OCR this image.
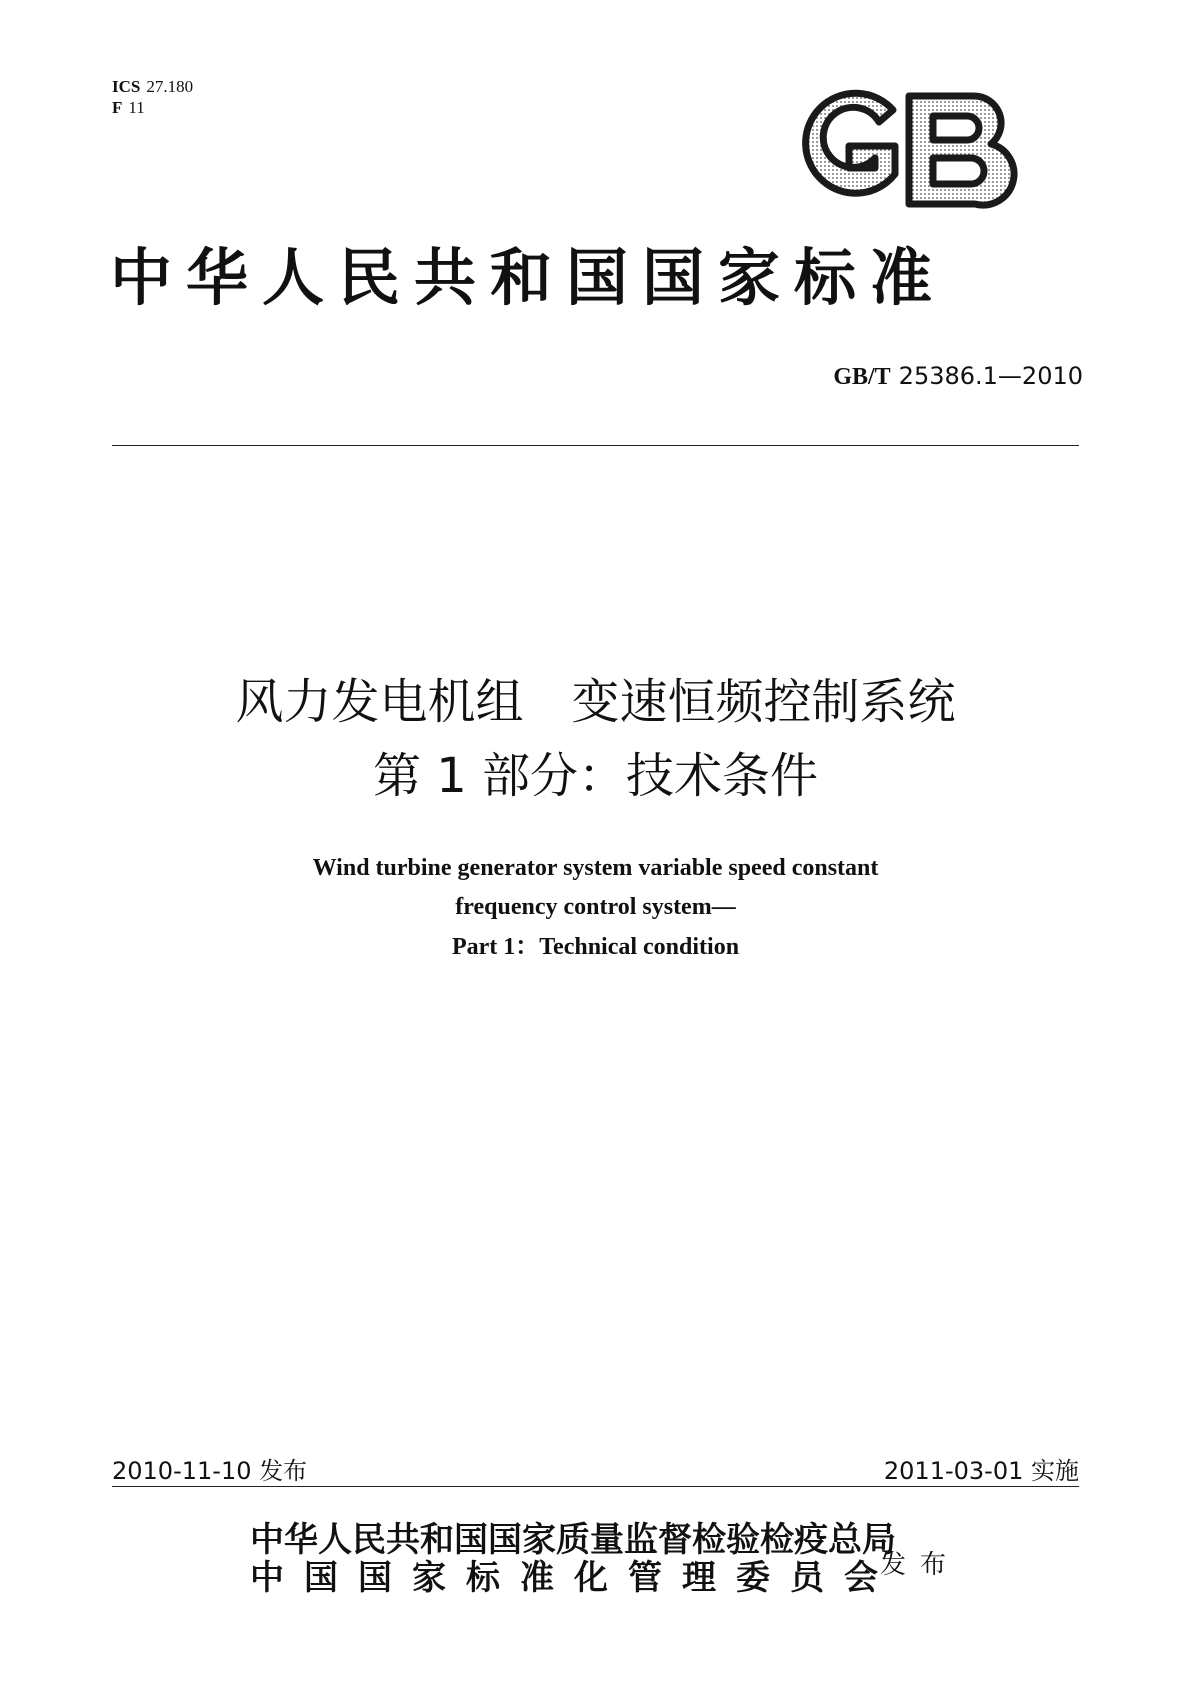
ICS 27.180
F 11
中华人民共和国国家标准
GB/T 25386.1—2010
风力发电机组　变速恒频控制系统
第 1 部分：技术条件
Wind turbine generator system variable speed constant
frequency control system—
Part 1：Technical condition
2010-11-10 发布	2011-03-01 实施
中华人民共和国国家质量监督检验检疫总局
中国国家标准化管理委员会
发布
